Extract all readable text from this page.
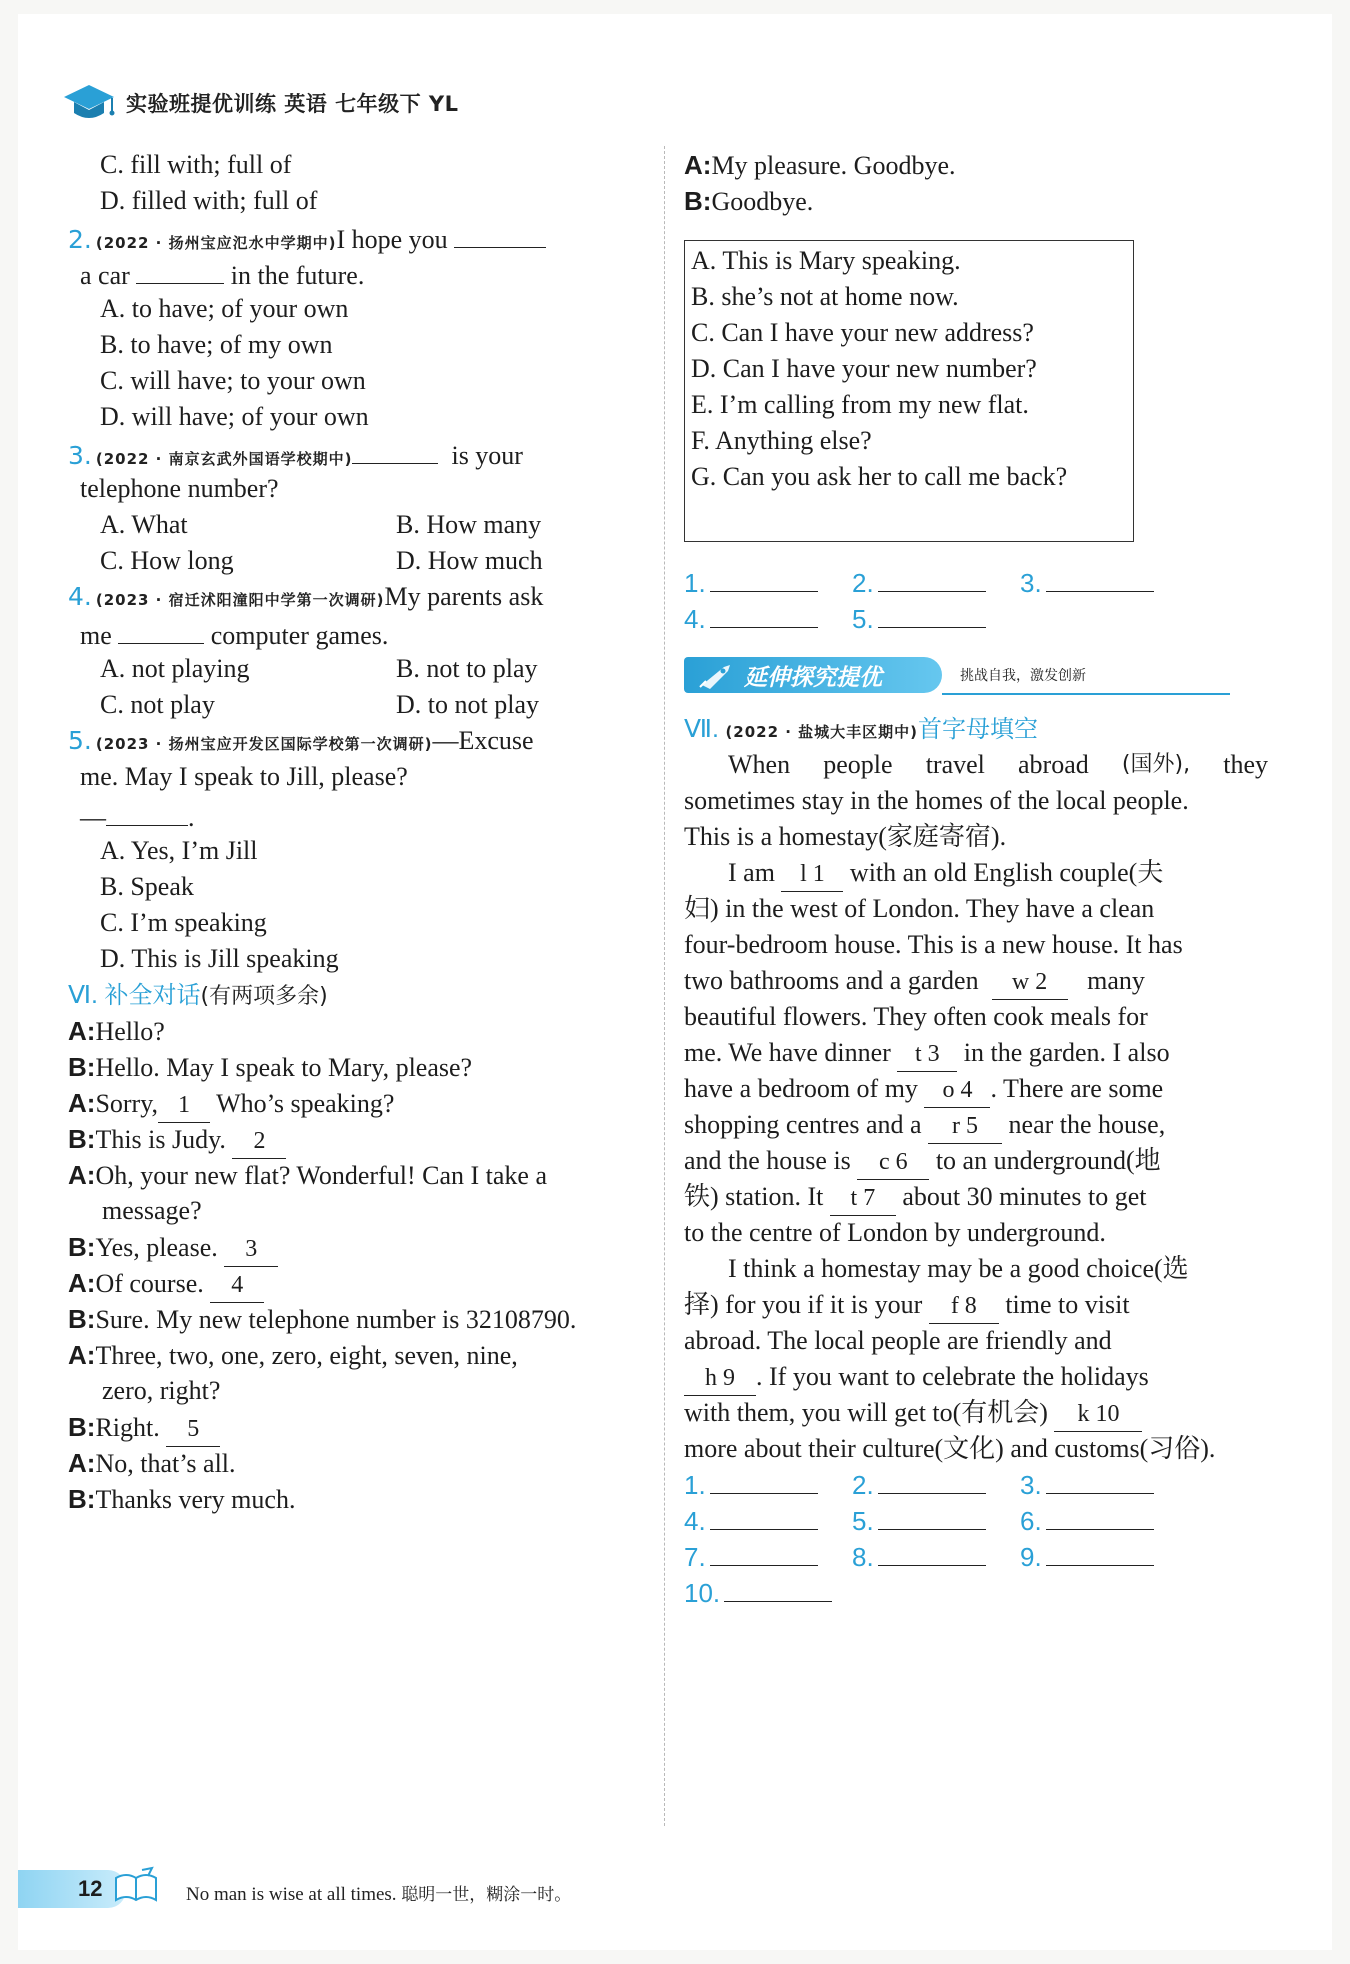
实验班提优训练 英语 七年级下 YL
C. fill with; full of
D. filled with; full of
2. (2022 · 扬州宝应氾水中学期中)I hope you
a car	in the future.
A. to have; of your own
B. to have; of my own
C. will have; to your own
D. will have; of your own
3. (2022 · 南京玄武外国语学校期中)	is your
telephone number?
A. What	B. How many
C. How long	D. How much
4. (2023 · 宿迁沭阳潼阳中学第一次调研)My parents ask
me	computer games.
A. not playing	B. not to play
C. not play	D. to not play
5. (2023 · 扬州宝应开发区国际学校第一次调研)—Excuse
me. May I speak to Jill, please?
—	.
A. Yes, I’m Jill
B. Speak
C. I’m speaking
D. This is Jill speaking
Ⅵ. 补全对话(有两项多余)
A:Hello?
B:Hello. May I speak to Mary, please?
A:Sorry, 1 Who’s speaking?
B:This is Judy. 2
A:Oh, your new flat? Wonderful! Can I take a
message?
B:Yes, please. 3
A:Of course. 4
B:Sure. My new telephone number is 32108790.
A:Three, two, one, zero, eight, seven, nine,
zero, right?
B:Right. 5
A:No, that’s all.
B:Thanks very much.
A:My pleasure. Goodbye.
B:Goodbye.
A. This is Mary speaking.
B. she’s not at home now.
C. Can I have your new address?
D. Can I have your new number?
E. I’m calling from my new flat.
F. Anything else?
G. Can you ask her to call me back?
1.	2.	3.
4.	5.
延伸探究提优	挑战自我，激发创新
Ⅶ. (2022 · 盐城大丰区期中)首字母填空
When people travel abroad (国外), they
sometimes stay in the homes of the local people.
This is a homestay(家庭寄宿).
I am l 1 with an old English couple(夫
妇) in the west of London. They have a clean
four-bedroom house. This is a new house. It has
two bathrooms and a garden w 2 many
beautiful flowers. They often cook meals for
me. We have dinner t 3 in the garden. I also
have a bedroom of my o 4 . There are some
shopping centres and a r 5 near the house,
and the house is c 6 to an underground(地
铁) station. It t 7 about 30 minutes to get
to the centre of London by underground.
I think a homestay may be a good choice(选
择) for you if it is your f 8 time to visit
abroad. The local people are friendly and
h 9 . If you want to celebrate the holidays
with them, you will get to(有机会) k 10
more about their culture(文化) and customs(习俗).
1.	2.	3.
4.	5.	6.
7.	8.	9.
10.
12	No man is wise at all times. 聪明一世，糊涂一时。
